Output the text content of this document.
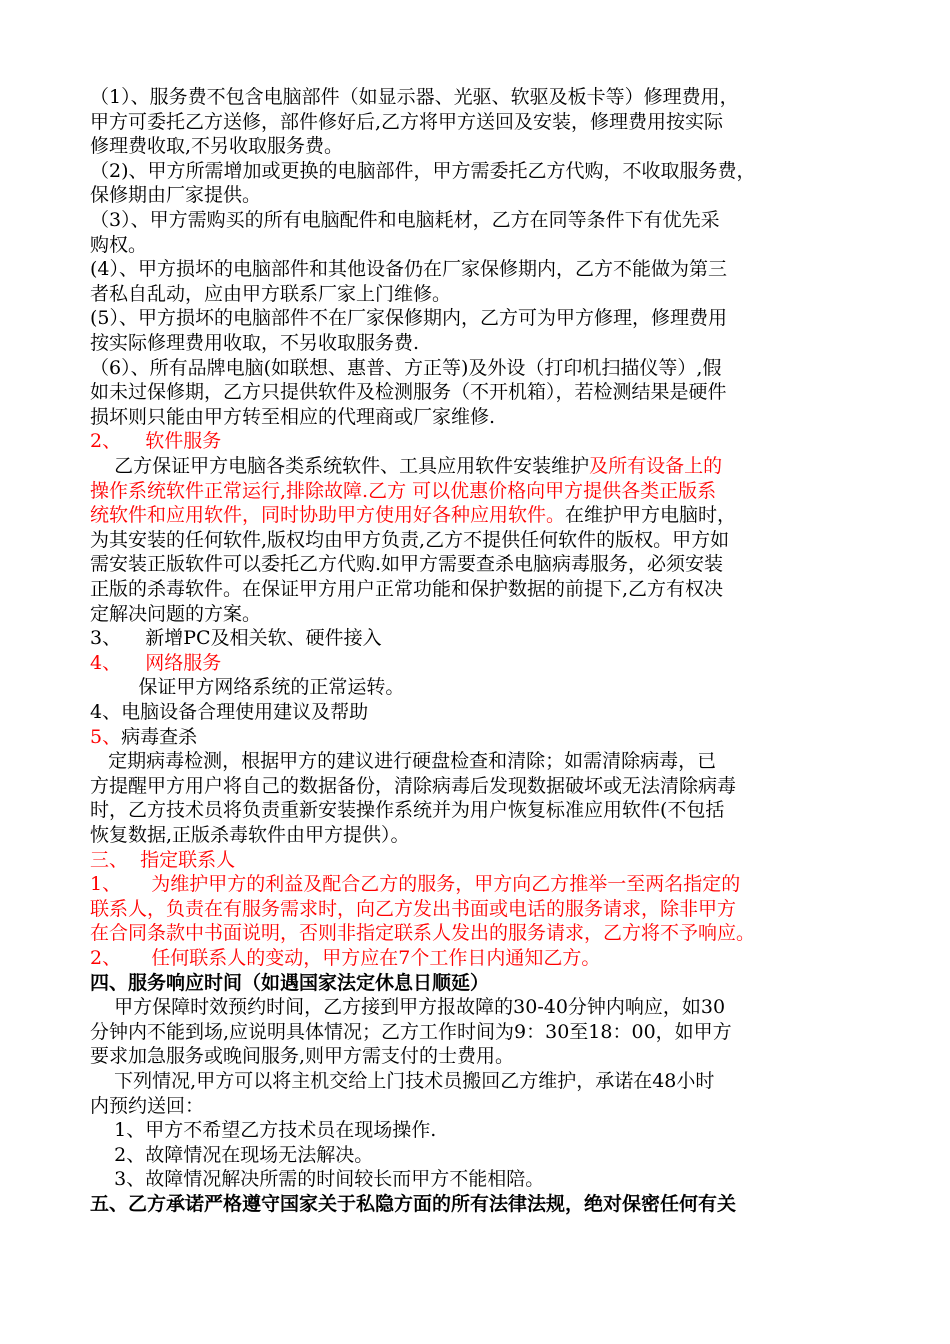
（1）、服务费不包含电脑部件（如显示器、光驱、软驱及板卡等）修理费用，
甲方可委托乙方送修，部件修好后,乙方将甲方送回及安装，修理费用按实际
修理费收取,不另收取服务费。
（2)、甲方所需增加或更换的电脑部件，甲方需委托乙方代购，不收取服务费，
保修期由厂家提供。
（3）、甲方需购买的所有电脑配件和电脑耗材，乙方在同等条件下有优先采
购权。
(4）、甲方损坏的电脑部件和其他设备仍在厂家保修期内，乙方不能做为第三
者私自乱动，应由甲方联系厂家上门维修。
(5）、甲方损坏的电脑部件不在厂家保修期内，乙方可为甲方修理，修理费用
按实际修理费用收取，不另收取服务费.
（6）、所有品牌电脑(如联想、惠普、方正等)及外设（打印机扫描仪等）,假
如未过保修期，乙方只提供软件及检测服务（不开机箱），若检测结果是硬件
损坏则只能由甲方转至相应的代理商或厂家维修.
2、    软件服务
乙方保证甲方电脑各类系统软件、工具应用软件安装维护及所有设备上的
操作系统软件正常运行,排除故障.乙方 可以优惠价格向甲方提供各类正版系
统软件和应用软件，同时协助甲方使用好各种应用软件。在维护甲方电脑时，
为其安装的任何软件,版权均由甲方负责,乙方不提供任何软件的版权。甲方如
需安装正版软件可以委托乙方代购.如甲方需要查杀电脑病毒服务，必须安装
正版的杀毒软件。在保证甲方用户正常功能和保护数据的前提下,乙方有权决
定解决问题的方案。
3、    新增PC及相关软、硬件接入
4、    网络服务
保证甲方网络系统的正常运转。
4、电脑设备合理使用建议及帮助
5、病毒查杀
定期病毒检测，根据甲方的建议进行硬盘检查和清除；如需清除病毒，已
方提醒甲方用户将自己的数据备份，清除病毒后发现数据破坏或无法清除病毒
时，乙方技术员将负责重新安装操作系统并为用户恢复标准应用软件(不包括
恢复数据,正版杀毒软件由甲方提供）。
三、  指定联系人
1、     为维护甲方的利益及配合乙方的服务，甲方向乙方推举一至两名指定的
联系人，负责在有服务需求时，向乙方发出书面或电话的服务请求，除非甲方
在合同条款中书面说明，否则非指定联系人发出的服务请求，乙方将不予响应。
2、     任何联系人的变动，甲方应在7个工作日内通知乙方。
四、服务响应时间（如遇国家法定休息日顺延）
甲方保障时效预约时间，乙方接到甲方报故障的30-40分钟内响应，如30
分钟内不能到场,应说明具体情况；乙方工作时间为9：30至18：00，如甲方
要求加急服务或晚间服务,则甲方需支付的士费用。
下列情况,甲方可以将主机交给上门技术员搬回乙方维护，承诺在48小时
内预约送回：
1、甲方不希望乙方技术员在现场操作.
2、故障情况在现场无法解决。
3、故障情况解决所需的时间较长而甲方不能相陪。
五、乙方承诺严格遵守国家关于私隐方面的所有法律法规，绝对保密任何有关
